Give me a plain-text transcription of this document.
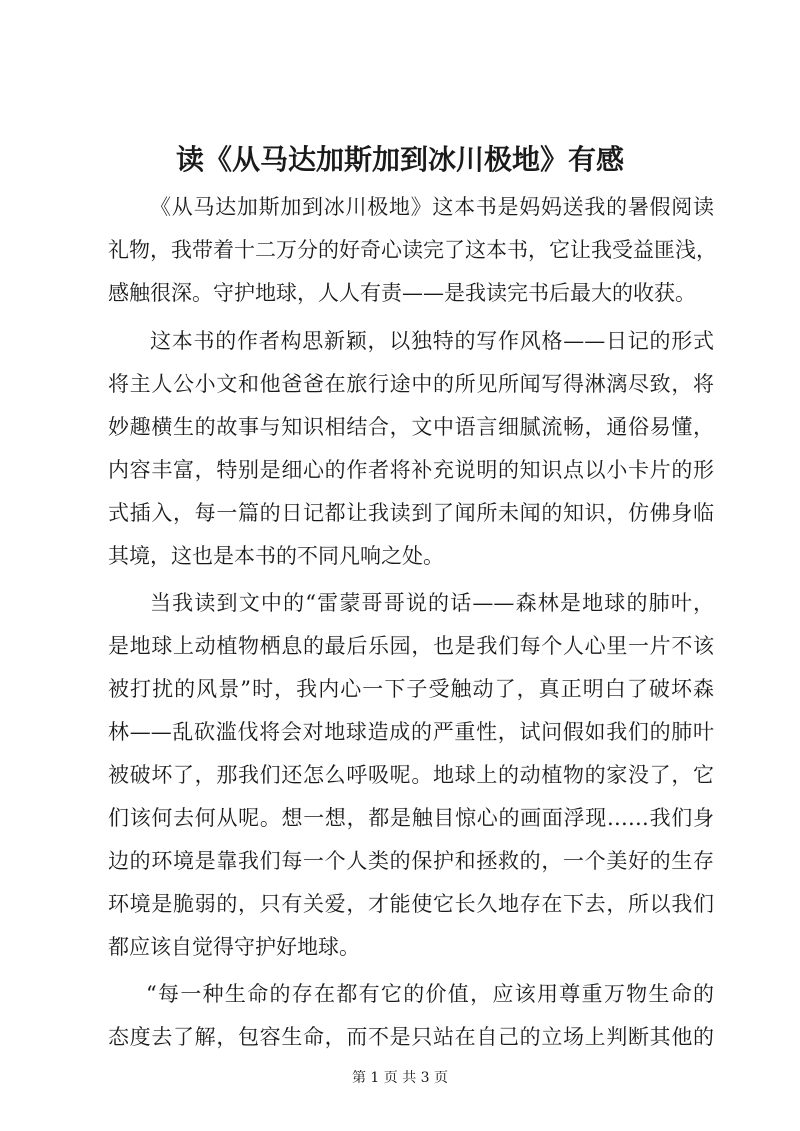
读《从马达加斯加到冰川极地》有感
《从马达加斯加到冰川极地》这本书是妈妈送我的暑假阅读
礼物，我带着十二万分的好奇心读完了这本书，它让我受益匪浅，
感触很深。守护地球，人人有责——是我读完书后最大的收获。
这本书的作者构思新颖，以独特的写作风格——日记的形式
将主人公小文和他爸爸在旅行途中的所见所闻写得淋漓尽致，将
妙趣横生的故事与知识相结合，文中语言细腻流畅，通俗易懂，
内容丰富，特别是细心的作者将补充说明的知识点以小卡片的形
式插入，每一篇的日记都让我读到了闻所未闻的知识，仿佛身临
其境，这也是本书的不同凡响之处。
当我读到文中的“雷蒙哥哥说的话——森林是地球的肺叶，
是地球上动植物栖息的最后乐园，也是我们每个人心里一片不该
被打扰的风景”时，我内心一下子受触动了，真正明白了破坏森
林——乱砍滥伐将会对地球造成的严重性，试问假如我们的肺叶
被破坏了，那我们还怎么呼吸呢。地球上的动植物的家没了，它
们该何去何从呢。想一想，都是触目惊心的画面浮现……我们身
边的环境是靠我们每一个人类的保护和拯救的，一个美好的生存
环境是脆弱的，只有关爱，才能使它长久地存在下去，所以我们
都应该自觉得守护好地球。
“每一种生命的存在都有它的价值，应该用尊重万物生命的
态度去了解，包容生命，而不是只站在自己的立场上判断其他的
第 1 页 共 3 页
